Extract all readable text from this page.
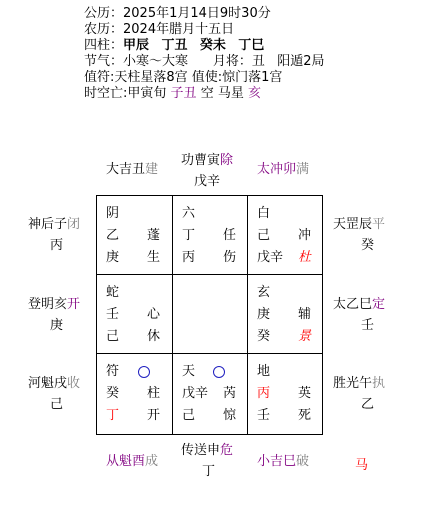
公历：2025年1月14日9时30分
农历：2024年腊月十五日
四柱：甲辰 丁丑 癸未 丁巳
节气：小寒～大寒 月将：丑 阳遁2局
值符:天柱星落8宫 值使:惊门落1宫
时空亡:甲寅旬 子丑 空 马星 亥
大吉丑建
功曹寅除
戊辛
太冲卯满
神后子闭
丙
登明亥开
庚
河魁戌收
己
天罡辰平
癸
太乙巳定
壬
胜光午执
乙
从魁酉成
传送申危
丁
小吉巳破	马
阴
乙 蓬
庚 生
六
丁 任
丙 伤
白
己 冲
戊辛 杜
蛇
壬 心
己 休
玄
庚 辅
癸 景
符
癸 柱
丁 开
天
戊辛 芮
己 惊
地
丙 英
壬 死
